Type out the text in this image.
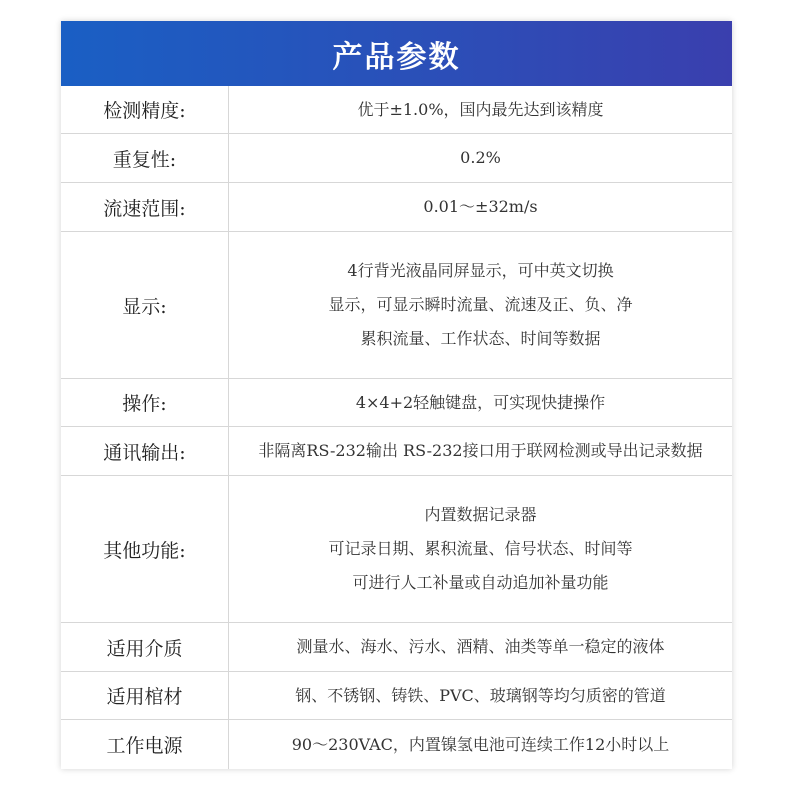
产品参数
检测精度:	优于±1.0%，国内最先达到该精度
重复性:	0.2%
流速范围:	0.01～±32m/s
显示:
4行背光液晶同屏显示，可中英文切换
显示，可显示瞬时流量、流速及正、负、净
累积流量、工作状态、时间等数据
操作:	4×4+2轻触键盘，可实现快捷操作
通讯输出:	非隔离RS-232输出 RS-232接口用于联网检测或导出记录数据
其他功能:
内置数据记录器
可记录日期、累积流量、信号状态、时间等
可进行人工补量或自动追加补量功能
适用介质	测量水、海水、污水、酒精、油类等单一稳定的液体
适用棺材	钢、不锈钢、铸铁、PVC、玻璃钢等均匀质密的管道
工作电源	90～230VAC，内置镍氢电池可连续工作12小时以上
